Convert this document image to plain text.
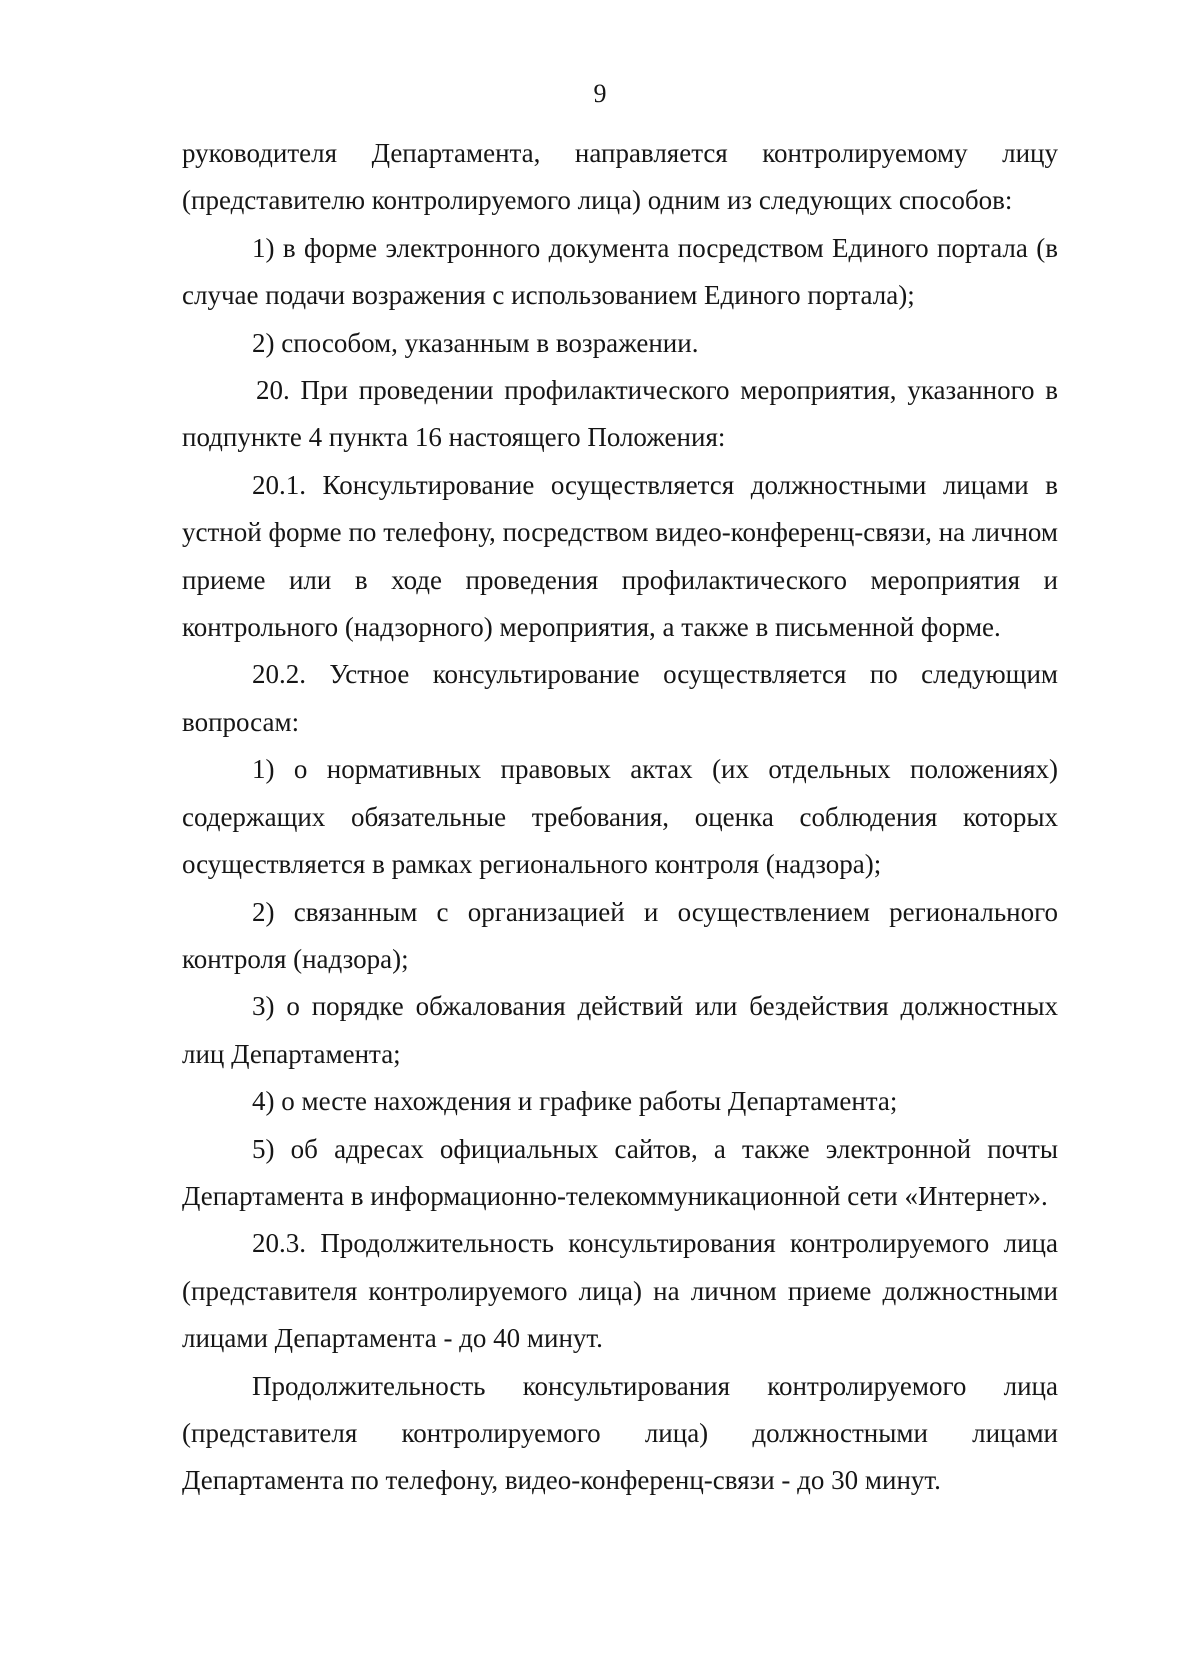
9

руководителя Департамента, направляется контролируемому лицу (представителю контролируемого лица) одним из следующих способов:

1) в форме электронного документа посредством Единого портала (в случае подачи возражения с использованием Единого портала);

2) способом, указанным в возражении.

20. При проведении профилактического мероприятия, указанного в подпункте 4 пункта 16 настоящего Положения:

20.1. Консультирование осуществляется должностными лицами в устной форме по телефону, посредством видео-конференц-связи, на личном приеме или в ходе проведения профилактического мероприятия и контрольного (надзорного) мероприятия, а также в письменной форме.

20.2. Устное консультирование осуществляется по следующим вопросам:

1) о нормативных правовых актах (их отдельных положениях) содержащих обязательные требования, оценка соблюдения которых осуществляется в рамках регионального контроля (надзора);

2) связанным с организацией и осуществлением регионального контроля (надзора);

3) о порядке обжалования действий или бездействия должностных лиц Департамента;

4) о месте нахождения и графике работы Департамента;

5) об адресах официальных сайтов, а также электронной почты Департамента в информационно-телекоммуникационной сети «Интернет».

20.3. Продолжительность консультирования контролируемого лица (представителя контролируемого лица) на личном приеме должностными лицами Департамента - до 40 минут.

Продолжительность консультирования контролируемого лица (представителя контролируемого лица) должностными лицами Департамента по телефону, видео-конференц-связи - до 30 минут.
